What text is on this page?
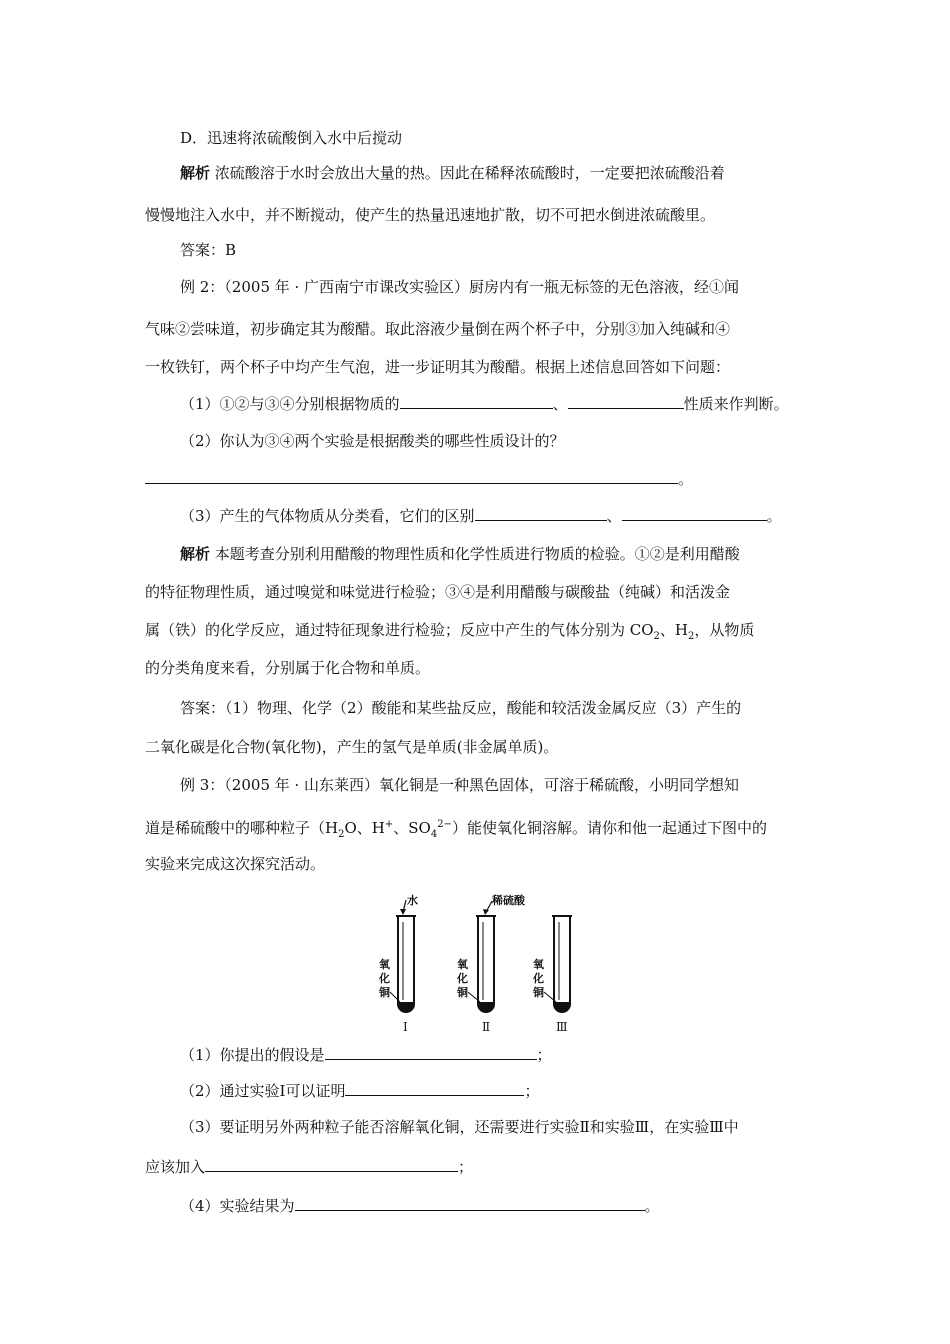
D．迅速将浓硫酸倒入水中后搅动

解析 浓硫酸溶于水时会放出大量的热。因此在稀释浓硫酸时，一定要把浓硫酸沿着

慢慢地注入水中，并不断搅动，使产生的热量迅速地扩散，切不可把水倒进浓硫酸里。

答案：B

例 2：（2005 年 · 广西南宁市课改实验区）厨房内有一瓶无标签的无色溶液，经①闻

气味②尝味道，初步确定其为酸醋。取此溶液少量倒在两个杯子中，分别③加入纯碱和④

一枚铁钉，两个杯子中均产生气泡，进一步证明其为酸醋。根据上述信息回答如下问题：

（1）①②与③④分别根据物质的	、	性质来作判断。

（2）你认为③④两个实验是根据酸类的哪些性质设计的？

。

（3）产生的气体物质从分类看，它们的区别	、	。

解析 本题考查分别利用醋酸的物理性质和化学性质进行物质的检验。①②是利用醋酸

的特征物理性质，通过嗅觉和味觉进行检验；③④是利用醋酸与碳酸盐（纯碱）和活泼金

属（铁）的化学反应，通过特征现象进行检验；反应中产生的气体分别为 $CO_2$、$H_2$，从物质

的分类角度来看，分别属于化合物和单质。

答案：（1）物理、化学（2）酸能和某些盐反应，酸能和较活泼金属反应（3）产生的

二氧化碳是化合物(氧化物)，产生的氢气是单质(非金属单质)。

例 3：（2005 年 · 山东莱西）氧化铜是一种黑色固体，可溶于稀硫酸，小明同学想知

道是稀硫酸中的哪种粒子（$H_2O$、H+、$SO_4^{2-}$）能使氧化铜溶解。请你和他一起通过下图中的

实验来完成这次探究活动。

水
氧
化
铜
Ⅰ
稀硫酸
氧
化
铜
Ⅱ
氧
化
铜
Ⅲ

（1）你提出的假设是	；

（2）通过实验Ⅰ可以证明	；

（3）要证明另外两种粒子能否溶解氧化铜，还需要进行实验Ⅱ和实验Ⅲ，在实验Ⅲ中

应该加入	；

（4）实验结果为	。
